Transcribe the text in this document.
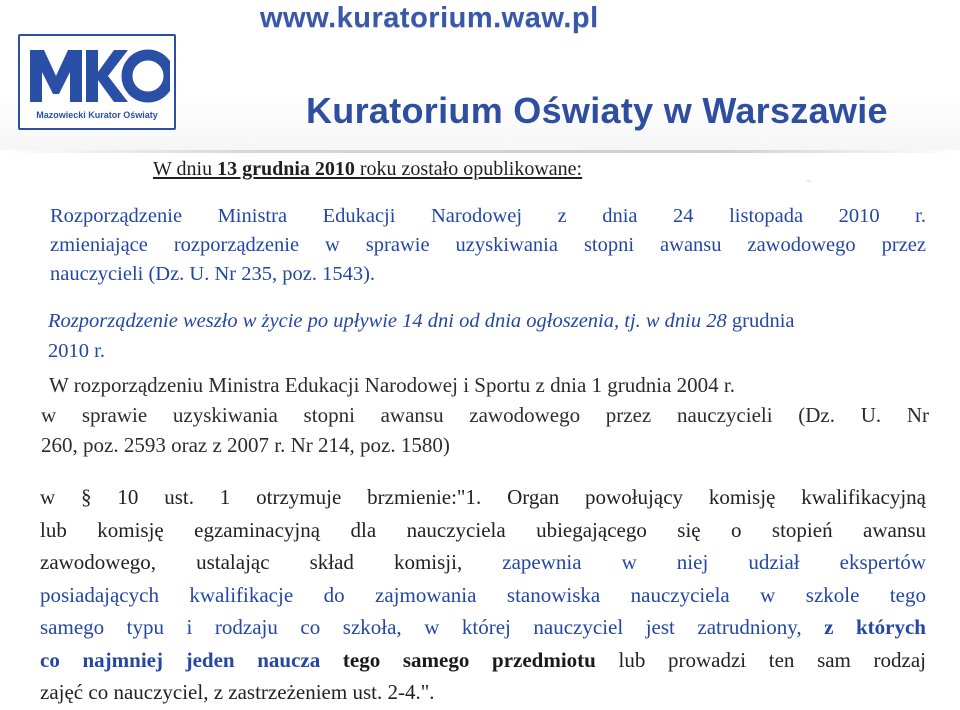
www.kuratorium.waw.pl
Mazowiecki Kurator Oświaty	Kuratorium Oświaty w Warszawie
W dniu 13 grudnia 2010 roku zostało opublikowane:
~
Rozporządzenie Ministra Edukacji Narodowej z dnia 24 listopada 2010 r.
zmieniające rozporządzenie w sprawie uzyskiwania stopni awansu zawodowego przez
nauczycieli (Dz. U. Nr 235, poz. 1543).
Rozporządzenie weszło w życie po upływie 14 dni od dnia ogłoszenia, tj. w dniu 28 grudnia
2010 r.
W rozporządzeniu Ministra Edukacji Narodowej i Sportu z dnia 1 grudnia 2004 r.
w sprawie uzyskiwania stopni awansu zawodowego przez nauczycieli (Dz. U. Nr
260, poz. 2593 oraz z 2007 r. Nr 214, poz. 1580)
w § 10 ust. 1 otrzymuje brzmienie:"1. Organ powołujący komisję kwalifikacyjną
lub komisję egzaminacyjną dla nauczyciela ubiegającego się o stopień awansu
zawodowego, ustalając skład komisji, zapewnia w niej udział ekspertów
posiadających kwalifikacje do zajmowania stanowiska nauczyciela w szkole tego
samego typu i rodzaju co szkoła, w której nauczyciel jest zatrudniony, z których
co najmniej jeden naucza tego samego przedmiotu lub prowadzi ten sam rodzaj
zajęć co nauczyciel, z zastrzeżeniem ust. 2-4.".
